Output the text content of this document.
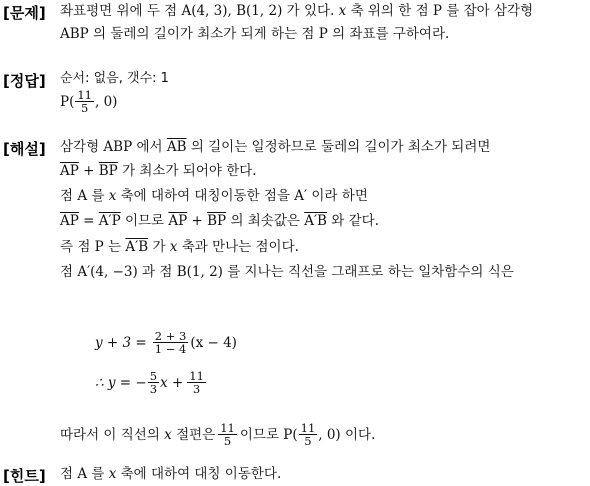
[문제] 좌표평면 위에 두 점 A(4, 3), B(1, 2) 가 있다. x 축 위의 한 점 P 를 잡아 삼각형
ABP 의 둘레의 길이가 최소가 되게 하는 점 P 의 좌표를 구하여라.
[정답] 순서: 없음, 갯수: 1
$P( \frac{11}{5}$ , 0)
[해설] 삼각형 ABP 에서 $\overline{AB}$ 의 길이는 일정하므로 둘레의 길이가 최소가 되려면
$\overline{AP} + \overline{BP}$ 가 최소가 되어야 한다.
점 A 를 x 축에 대하여 대칭이동한 점을 A′ 이라 하면
$\overline{AP} = A'P$ 이므로 $\overline{AP} + \overline{BP}$ 의 최솟값은 A′B 와 같다.
즉 점 P 는 A′B 가 x 축과 만나는 점이다.
점 A′(4, −3) 과 점 B(1, 2) 를 지나는 직선을 그래프로 하는 일차함수의 식은
$y + 3 = \frac{2 + 3}{1 - 4} (x - 4)$
∴ y = − $\frac{5}{3}$ $x + \frac{11}{3}$
따라서 이 직선의
x
절편은 $\frac{11}{5}$ 이므로 $P( \frac{11}{5}$ , 0) 이다.
[힌트] 점 A 를 x 축에 대하여 대칭 이동한다.
